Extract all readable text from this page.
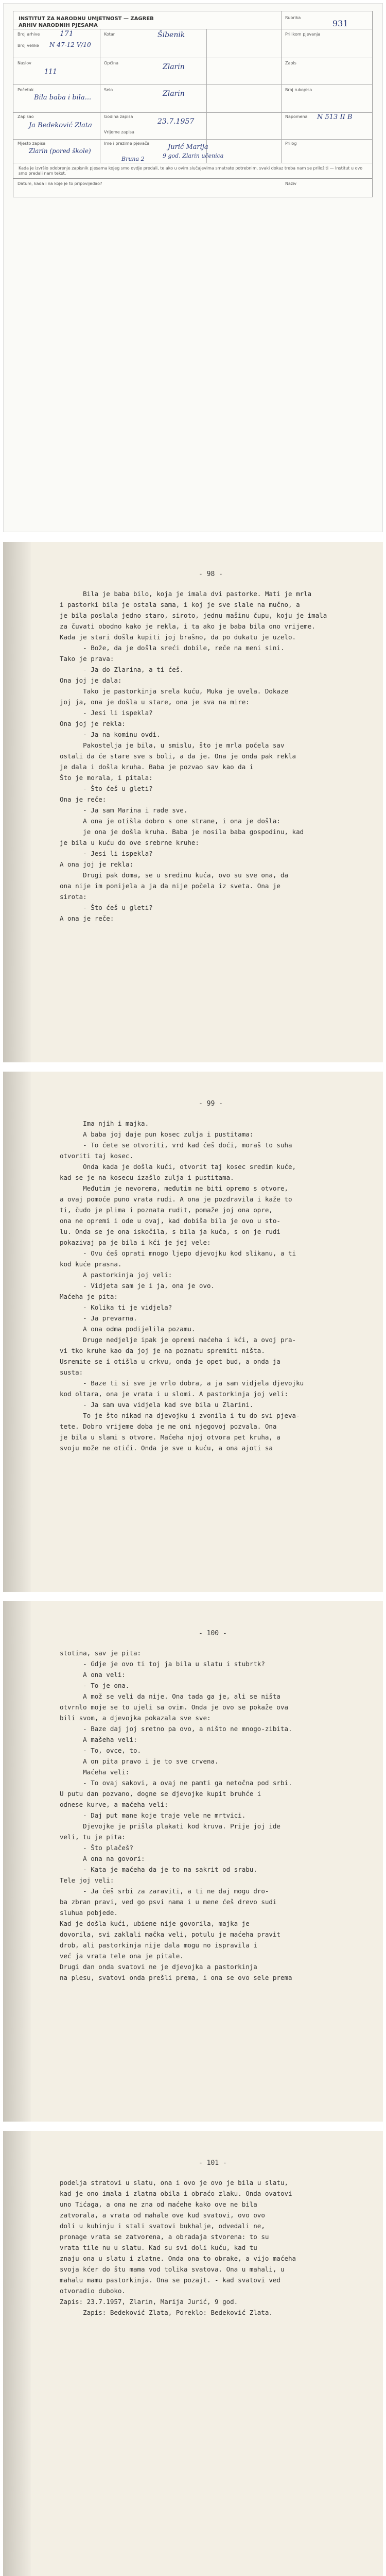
INSTITUT ZA NARODNU UMJETNOST — ZAGREB
ARHIV NARODNIH PJESAMA
Broj arhive
Broj velike
Naslov
Početak
Zapisao
Mjesto zapisa
Kotar
Općina
Selo
Godina zapisa
Vrijeme zapisa
Ime i prezime pjevača
Rubrika
Prilikom pjevanja
Zapis
Broj rukopisa
Napomena
Prilog
171
N 47-12 V/10
Bila baba i bila...
Ja Bedeković Zlata
Zlarin (pored škole)
Bruna 2
Šibenik
Zlarin
Zlarin
23.7.1957
111
Jurić Marija
9 god. Zlarin učenica
931
N 513 II B
Kada je izvršio odobrenje zapisnik pjesama kojeg smo ovdje predali, te ako u ovim slučajevima smatrate potrebnim, svaki dokaz treba nam se priložiti — Institut u ovo smo predali nam tekst.
Datum, kada i na koje je to pripovijedao?	Naziv
- 98 -
Bila je baba bilo, koja je imala dvi pastorke. Mati je mrla
i pastorki bila je ostala sama, i koj je sve slale na mučno, a
je bila poslala jedno staro, siroto, jednu mašinu čupu, koju je imala
za čuvati obodno kako je rekla, i ta ako je baba bila ono vrijeme.
Kada je stari došla kupiti joj brašno, da po dukatu je uzelo.
- Bože, da je došla sreći dobile, reče na meni sini.
Tako je prava:
- Ja do Zlarina, a ti ćeš.
Ona joj je dala:
Tako je pastorkinja srela kuću, Muka je uvela. Dokaze
joj ja, ona je došla u stare, ona je sva na mire:
- Jesi li ispekla?
Ona joj je rekla:
- Ja na kominu ovdi.
Pakostelja je bila, u smislu, što je mrla počela sav
ostali da će stare sve s boli, a da je. Ona je onda pak rekla
je dala i došla kruha. Baba je pozvao sav kao da i
Što je morala, i pitala:
- Što ćeš u gleti?
Ona je reče:
- Ja sam Marina i rade sve.
A ona je otišla dobro s one strane, i ona je došla:
je ona je došla kruha. Baba je nosila baba gospodinu, kad
je bila u kuću do ove srebrne kruhe:
- Jesi li ispekla?
A ona joj je rekla:
Drugi pak doma, se u sredinu kuća, ovo su sve ona, da
ona nije im ponijela a ja da nije počela iz sveta. Ona je
sirota:
- Što ćeš u gleti?
A ona je reče:
- 99 -
Ima njih i majka.
A baba joj daje pun kosec zulja i pustitama:
- To ćete se otvoriti, vrd kad ćeš doći, moraš to suha
otvoriti taj kosec.
Onda kada je došla kući, otvorit taj kosec sredim kuće,
kad se je na kosecu izašlo zulja i pustitama.
Međutim je nevorema, međutim ne biti opremo s otvore,
a ovaj pomoće puno vrata rudi. A ona je pozdravila i kaže to
ti, čudo je plima i poznata rudit, pomaže joj ona opre,
ona ne opremi i ode u ovaj, kad dobiša bila je ovo u sto-
lu. Onda se je ona iskočila, s bila ja kuća, s on je rudi
pokazivaj pa je bila i kći je jej vele:
- Ovu ćeš oprati mnogo ljepo djevojku kod slikanu, a ti
kod kuće prasna.
A pastorkinja joj veli:
- Vidjeta sam je i ja, ona je ovo.
Maćeha je pita:
- Kolika ti je vidjela?
- Ja prevarna.
A ona odma podijelila pozamu.
Druge nedjelje ipak je opremi maćeha i kći, a ovoj pra-
vi tko kruhe kao da joj je na poznatu spremiti ništa.
Usremite se i otišla u crkvu, onda je opet bud, a onda ja
susta:
- Baze ti si sve je vrlo dobra, a ja sam vidjela djevojku
kod oltara, ona je vrata i u slomi. A pastorkinja joj veli:
- Ja sam uva vidjela kad sve bila u Zlarini.
To je što nikad na djevojku i zvonila i tu do svi pjeva-
tete. Dobro vrijeme doba je me oni njegovoj pozvala. Ona
je bila u slami s otvore. Maćeha njoj otvora pet kruha, a
svoju može ne otići. Onda je sve u kuću, a ona ajoti sa
- 100 -
stotina, sav je pita:
- Gdje je ovo ti toj ja bila u slatu i stubrtk?
A ona veli:
- To je ona.
A mož se veli da nije. Ona tada ga je, ali se ništa
otvrnlo moje se to ujeli sa ovim. Onda je ovo se pokaže ova
bili svom, a djevojka pokazala sve sve:
- Baze daj joj sretno pa ovo, a ništo ne mnogo-zibita.
A mašeha veli:
- To, ovce, to.
A on pita pravo i je to sve crvena.
Maćeha veli:
- To ovaj sakovi, a ovaj ne pamti ga netočna pod srbi.
U putu dan pozvano, dogne se djevojke kupit bruhće i
odnese kurve, a maćeha veli:
- Daj put mane koje traje vele ne mrtvici.
Djevojke je prišla plakati kod kruva. Prije joj ide
veli, tu je pita:
- Što plačeš?
A ona na govori:
- Kata je maćeha da je to na sakrit od srabu.
Tele joj veli:
- Ja ćeš srbi za zaraviti, a ti ne daj mogu dro-
ba zbran pravi, ved go psvi nama i u mene ćeš drevo sudi
sluhua pobjede.
Kad je došla kući, ubiene nije govorila, majka je
dovorila, svi zaklali mačka veli, potulu je maćeha pravit
drob, ali pastorkinja nije dala mogu no ispravila i
već ja vrata tele ona je pitale.
Drugi dan onda svatovi ne je djevojka a pastorkinja
na plesu, svatovi onda prešli prema, i ona se ovo sele prema
- 101 -
podelja stratovi u slatu, ona i ovo je ovo je bila u slatu,
kad je ono imala i zlatna obila i obraćo zlaku. Onda ovatovi
uno Tićaga, a ona ne zna od maćehe kako ove ne bila
zatvorala, a vrata od mahale ove kud svatovi, ovo ovo
doli u kuhinju i stali svatovi bukhalje, odvedali ne,
pronage vrata se zatvorena, a obradaja stvorena: to su
vrata tile nu u slatu. Kad su svi doli kuću, kad tu
znaju ona u slatu i zlatne. Onda ona to obrake, a vijo maćeha
svoja kćer do štu mama vod tolika svatova. Ona u mahali, u
mahalu mamu pastorkinja. Ona se pozajt. - kad svatovi ved
otvoradio duboko.
Zapis: 23.7.1957, Zlarin, Marija Jurić, 9 god.
Zapis: Bedeković Zlata, Poreklo: Bedeković Zlata.
